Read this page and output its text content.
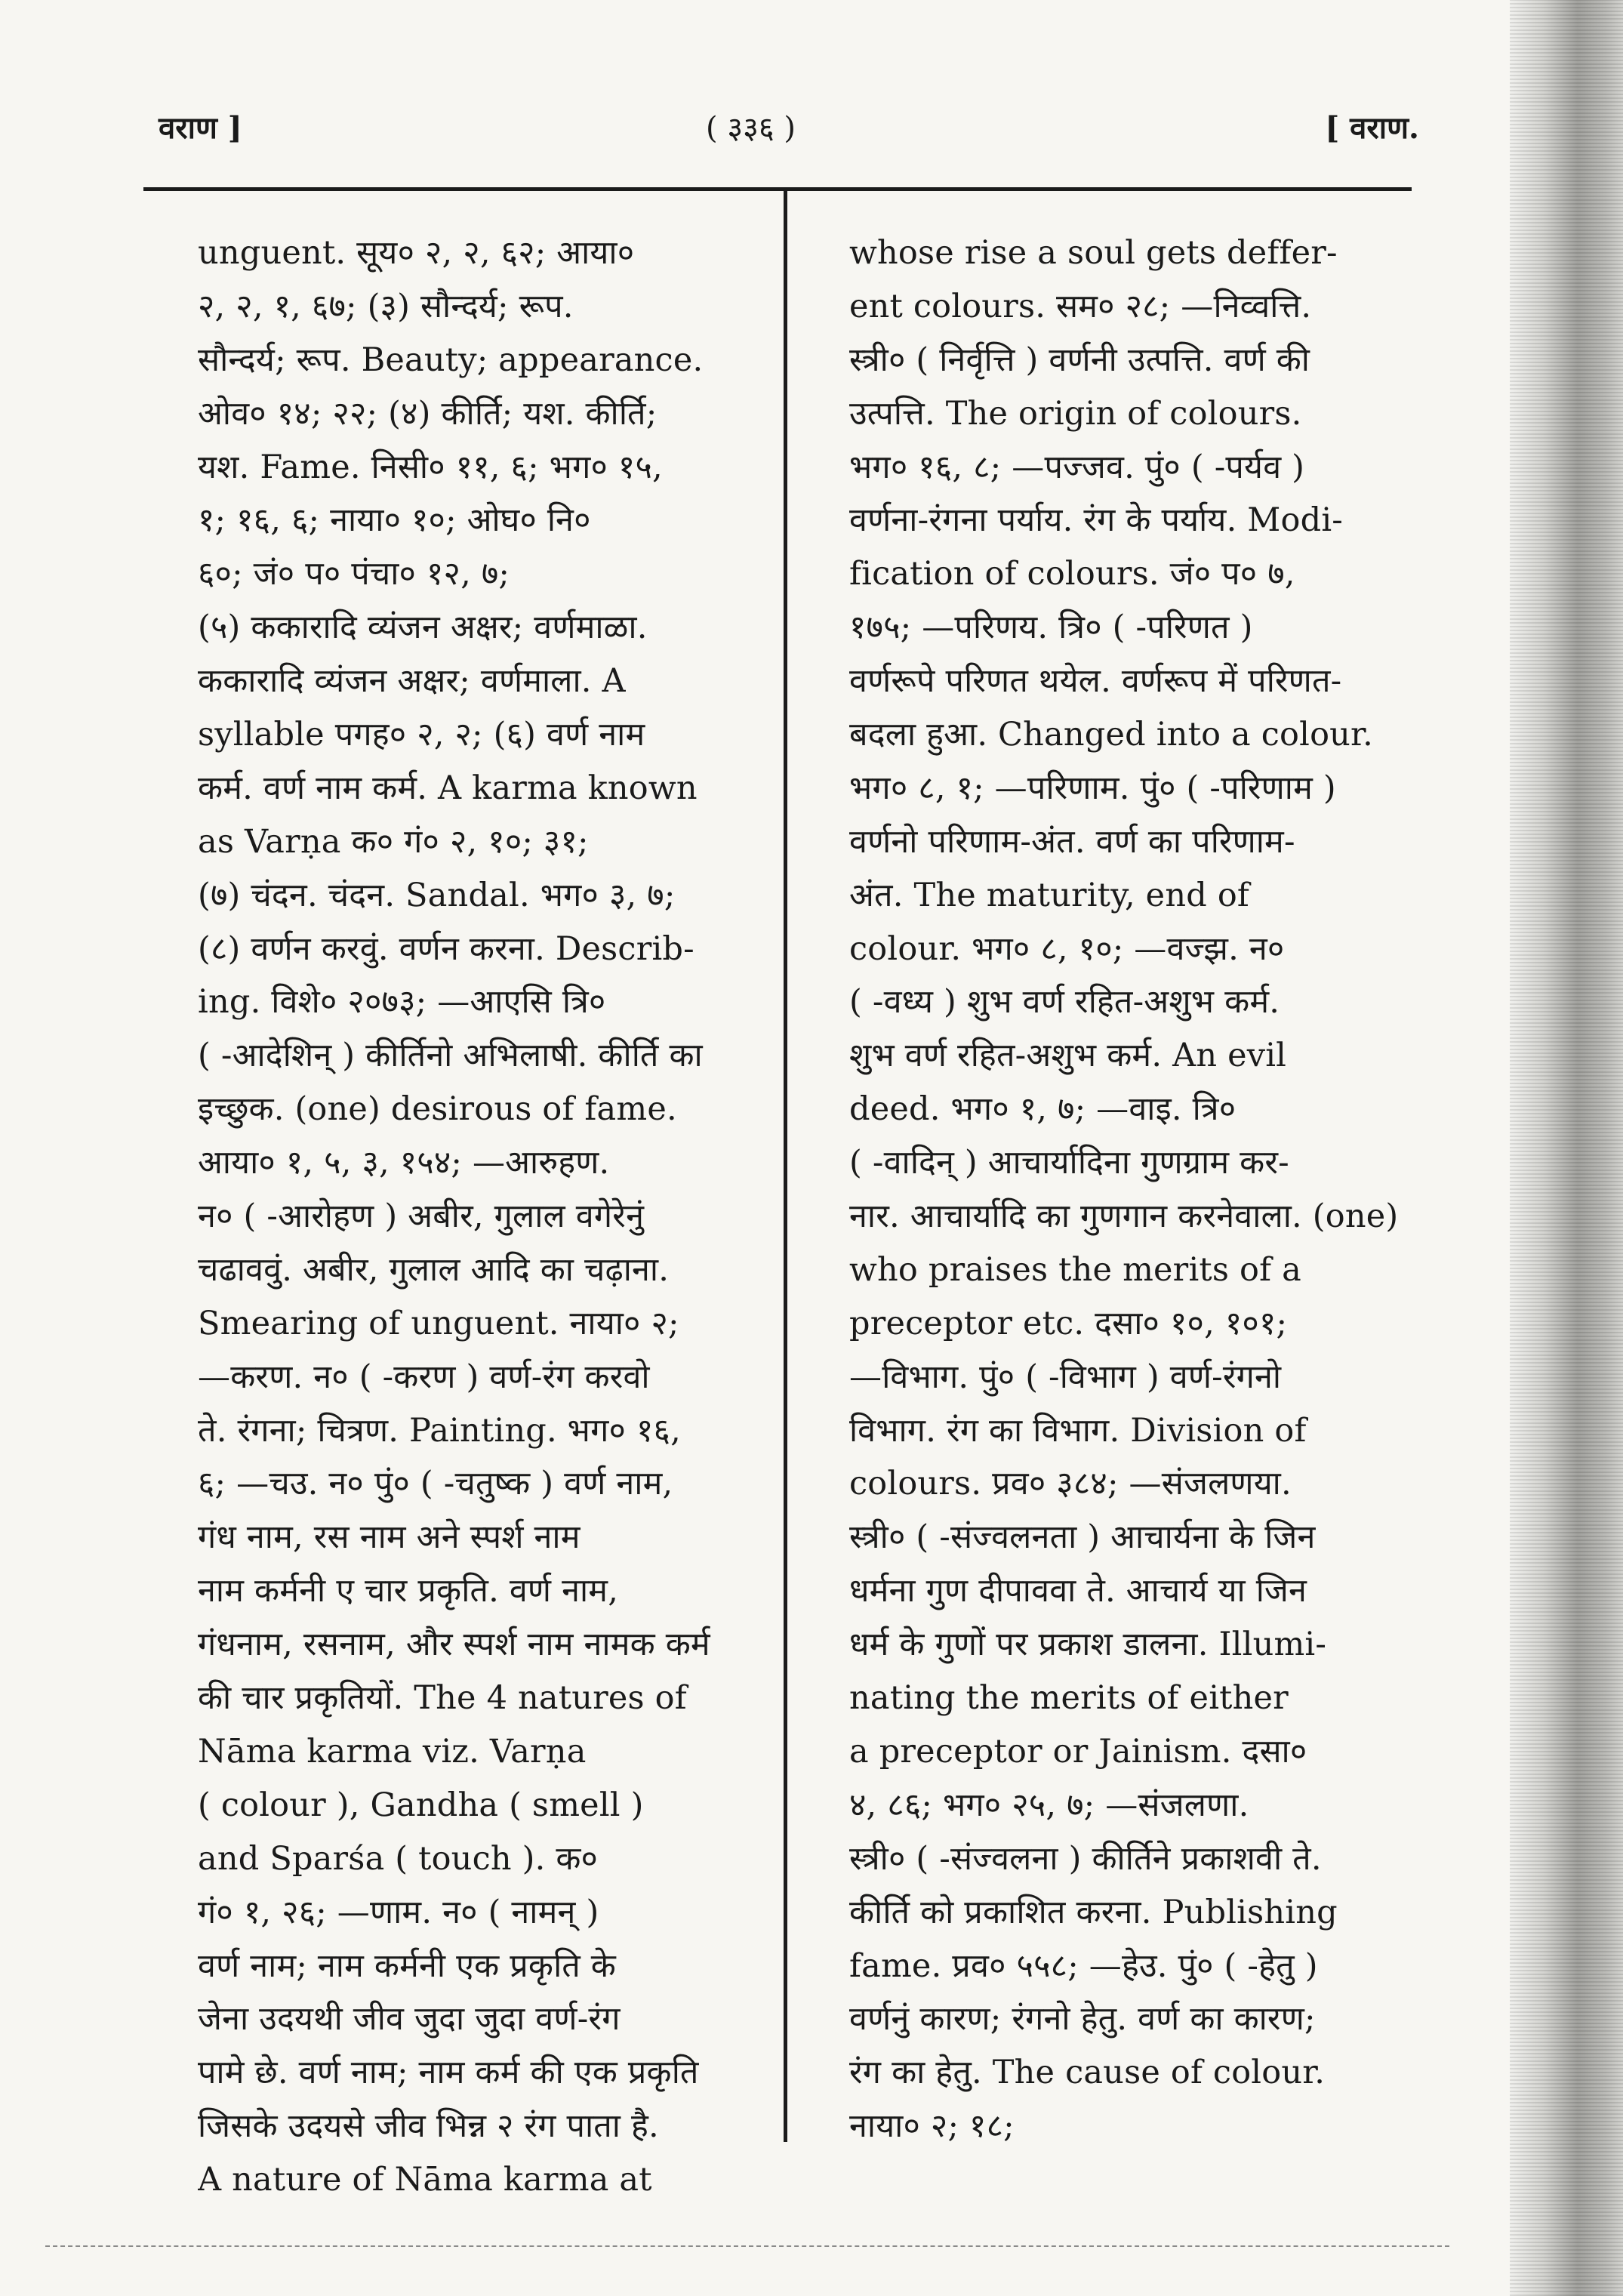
वराण ]	( ३३६ )	[ वराण.
unguent. सूय० २, २, ६२; आया०
२, २, १, ६७; (३) सौन्दर्य; रूप.
सौन्दर्य; रूप. Beauty; appearance.
ओव० १४; २२; (४) कीर्ति; यश. कीर्ति;
यश. Fame. निसी० ११, ६; भग० १५,
१; १६, ६; नाया० १०; ओघ० नि०
६०; जं० प० पंचा० १२, ७;
(५) ककारादि व्यंजन अक्षर; वर्णमाळा.
ककारादि व्यंजन अक्षर; वर्णमाला. A
syllable पगह० २, २; (६) वर्ण नाम
कर्म. वर्ण नाम कर्म. A karma known
as Varṇa क० गं० २, १०; ३१;
(७) चंदन. चंदन. Sandal. भग० ३, ७;
(८) वर्णन करवुं. वर्णन करना. Describ-
ing. विशे० २०७३; —आएसि त्रि०
( -आदेशिन् ) कीर्तिनो अभिलाषी. कीर्ति का
इच्छुक. (one) desirous of fame.
आया० १, ५, ३, १५४; —आरुहण.
न० ( -आरोहण ) अबीर, गुलाल वगेरेनुं
चढाववुं. अबीर, गुलाल आदि का चढ़ाना.
Smearing of unguent. नाया० २;
—करण. न० ( -करण ) वर्ण-रंग करवो
ते. रंगना; चित्रण. Painting. भग० १६,
६; —चउ. न० पुं० ( -चतुष्क ) वर्ण नाम,
गंध नाम, रस नाम अने स्पर्श नाम
नाम कर्मनी ए चार प्रकृति. वर्ण नाम,
गंधनाम, रसनाम, और स्पर्श नाम नामक कर्म
की चार प्रकृतियों. The 4 natures of
Nāma karma viz. Varṇa
( colour ), Gandha ( smell )
and Sparśa ( touch ). क०
गं० १, २६; —णाम. न० ( नामन् )
वर्ण नाम; नाम कर्मनी एक प्रकृति के
जेना उदयथी जीव जुदा जुदा वर्ण-रंग
पामे छे. वर्ण नाम; नाम कर्म की एक प्रकृति
जिसके उदयसे जीव भिन्न २ रंग पाता है.
A nature of Nāma karma at
whose rise a soul gets deffer-
ent colours. सम० २८; —निव्वत्ति.
स्त्री० ( निर्वृत्ति ) वर्णनी उत्पत्ति. वर्ण की
उत्पत्ति. The origin of colours.
भग० १६, ८; —पज्जव. पुं० ( -पर्यव )
वर्णना-रंगना पर्याय. रंग के पर्याय. Modi-
fication of colours. जं० प० ७,
१७५; —परिणय. त्रि० ( -परिणत )
वर्णरूपे परिणत थयेल. वर्णरूप में परिणत-
बदला हुआ. Changed into a colour.
भग० ८, १; —परिणाम. पुं० ( -परिणाम )
वर्णनो परिणाम-अंत. वर्ण का परिणाम-
अंत. The maturity, end of
colour. भग० ८, १०; —वज्झ. न०
( -वध्य ) शुभ वर्ण रहित-अशुभ कर्म.
शुभ वर्ण रहित-अशुभ कर्म. An evil
deed. भग० १, ७; —वाइ. त्रि०
( -वादिन् ) आचार्यादिना गुणग्राम कर-
नार. आचार्यादि का गुणगान करनेवाला. (one)
who praises the merits of a
preceptor etc. दसा० १०, १०१;
—विभाग. पुं० ( -विभाग ) वर्ण-रंगनो
विभाग. रंग का विभाग. Division of
colours. प्रव० ३८४; —संजलणया.
स्त्री० ( -संज्वलनता ) आचार्यना के जिन
धर्मना गुण दीपाववा ते. आचार्य या जिन
धर्म के गुणों पर प्रकाश डालना. Illumi-
nating the merits of either
a preceptor or Jainism. दसा०
४, ८६; भग० २५, ७; —संजलणा.
स्त्री० ( -संज्वलना ) कीर्तिने प्रकाशवी ते.
कीर्ति को प्रकाशित करना. Publishing
fame. प्रव० ५५८; —हेउ. पुं० ( -हेतु )
वर्णनुं कारण; रंगनो हेतु. वर्ण का कारण;
रंग का हेतु. The cause of colour.
नाया० २; १८;
